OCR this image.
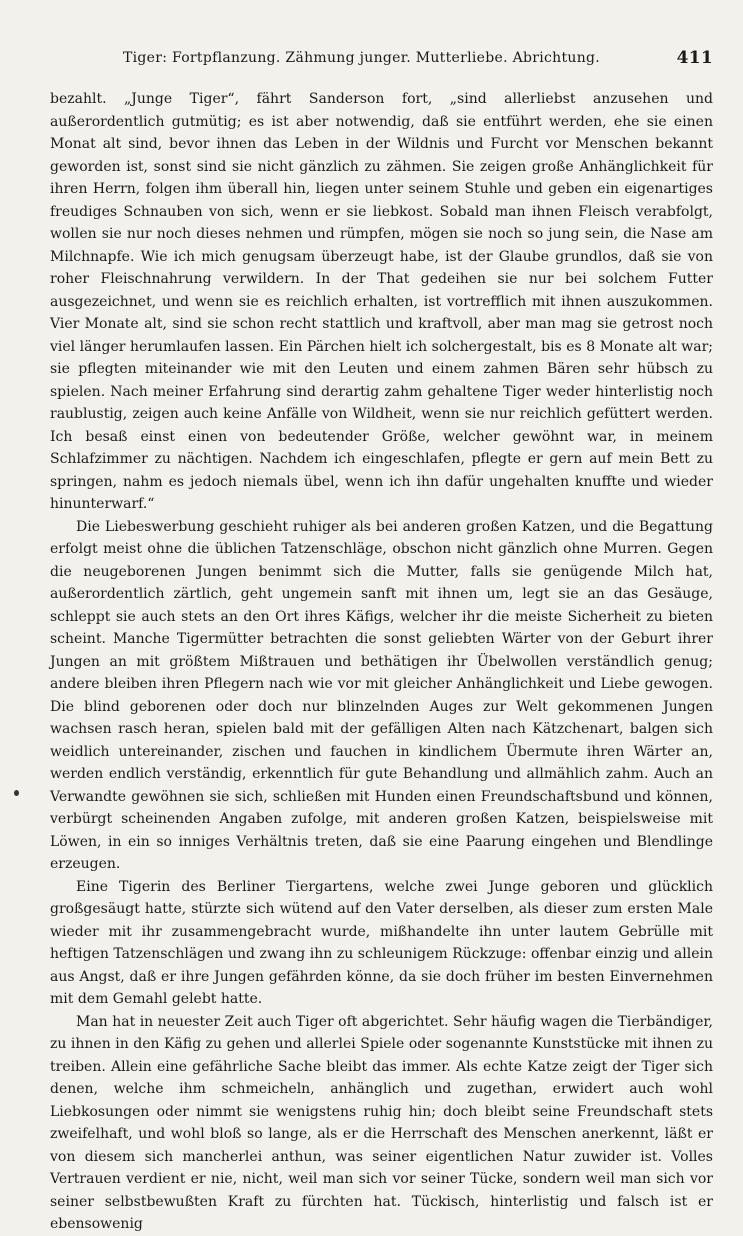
Tiger: Fortpflanzung. Zähmung junger. Mutterliebe. Abrichtung.	411

bezahlt. „Junge Tiger“, fährt Sanderson fort, „sind allerliebst anzusehen und außerordentlich gutmütig; es ist aber notwendig, daß sie entführt werden, ehe sie einen Monat alt sind, bevor ihnen das Leben in der Wildnis und Furcht vor Menschen bekannt geworden ist, sonst sind sie nicht gänzlich zu zähmen. Sie zeigen große Anhänglichkeit für ihren Herrn, folgen ihm überall hin, liegen unter seinem Stuhle und geben ein eigenartiges freudiges Schnauben von sich, wenn er sie liebkost. Sobald man ihnen Fleisch verabfolgt, wollen sie nur noch dieses nehmen und rümpfen, mögen sie noch so jung sein, die Nase am Milchnapfe. Wie ich mich genugsam überzeugt habe, ist der Glaube grundlos, daß sie von roher Fleischnahrung verwildern. In der That gedeihen sie nur bei solchem Futter ausgezeichnet, und wenn sie es reichlich erhalten, ist vortrefflich mit ihnen auszukommen. Vier Monate alt, sind sie schon recht stattlich und kraftvoll, aber man mag sie getrost noch viel länger herumlaufen lassen. Ein Pärchen hielt ich solchergestalt, bis es 8 Monate alt war; sie pflegten miteinander wie mit den Leuten und einem zahmen Bären sehr hübsch zu spielen. Nach meiner Erfahrung sind derartig zahm gehaltene Tiger weder hinterlistig noch raublustig, zeigen auch keine Anfälle von Wildheit, wenn sie nur reichlich gefüttert werden. Ich besaß einst einen von bedeutender Größe, welcher gewöhnt war, in meinem Schlafzimmer zu nächtigen. Nachdem ich eingeschlafen, pflegte er gern auf mein Bett zu springen, nahm es jedoch niemals übel, wenn ich ihn dafür ungehalten knuffte und wieder hinunterwarf.“

Die Liebeswerbung geschieht ruhiger als bei anderen großen Katzen, und die Begattung erfolgt meist ohne die üblichen Tatzenschläge, obschon nicht gänzlich ohne Murren. Gegen die neugeborenen Jungen benimmt sich die Mutter, falls sie genügende Milch hat, außerordentlich zärtlich, geht ungemein sanft mit ihnen um, legt sie an das Gesäuge, schleppt sie auch stets an den Ort ihres Käfigs, welcher ihr die meiste Sicherheit zu bieten scheint. Manche Tigermütter betrachten die sonst geliebten Wärter von der Geburt ihrer Jungen an mit größtem Mißtrauen und bethätigen ihr Übelwollen verständlich genug; andere bleiben ihren Pflegern nach wie vor mit gleicher Anhänglichkeit und Liebe gewogen. Die blind geborenen oder doch nur blinzelnden Auges zur Welt gekommenen Jungen wachsen rasch heran, spielen bald mit der gefälligen Alten nach Kätzchenart, balgen sich weidlich untereinander, zischen und fauchen in kindlichem Übermute ihren Wärter an, werden endlich verständig, erkenntlich für gute Behandlung und allmählich zahm. Auch an Verwandte gewöhnen sie sich, schließen mit Hunden einen Freundschaftsbund und können, verbürgt scheinenden Angaben zufolge, mit anderen großen Katzen, beispielsweise mit Löwen, in ein so inniges Verhältnis treten, daß sie eine Paarung eingehen und Blendlinge erzeugen.

Eine Tigerin des Berliner Tiergartens, welche zwei Junge geboren und glücklich großgesäugt hatte, stürzte sich wütend auf den Vater derselben, als dieser zum ersten Male wieder mit ihr zusammengebracht wurde, mißhandelte ihn unter lautem Gebrülle mit heftigen Tatzenschlägen und zwang ihn zu schleunigem Rückzuge: offenbar einzig und allein aus Angst, daß er ihre Jungen gefährden könne, da sie doch früher im besten Einvernehmen mit dem Gemahl gelebt hatte.

Man hat in neuester Zeit auch Tiger oft abgerichtet. Sehr häufig wagen die Tierbändiger, zu ihnen in den Käfig zu gehen und allerlei Spiele oder sogenannte Kunststücke mit ihnen zu treiben. Allein eine gefährliche Sache bleibt das immer. Als echte Katze zeigt der Tiger sich denen, welche ihm schmeicheln, anhänglich und zugethan, erwidert auch wohl Liebkosungen oder nimmt sie wenigstens ruhig hin; doch bleibt seine Freundschaft stets zweifelhaft, und wohl bloß so lange, als er die Herrschaft des Menschen anerkennt, läßt er von diesem sich mancherlei anthun, was seiner eigentlichen Natur zuwider ist. Volles Vertrauen verdient er nie, nicht, weil man sich vor seiner Tücke, sondern weil man sich vor seiner selbstbewußten Kraft zu fürchten hat. Tückisch, hinterlistig und falsch ist er ebensowenig
